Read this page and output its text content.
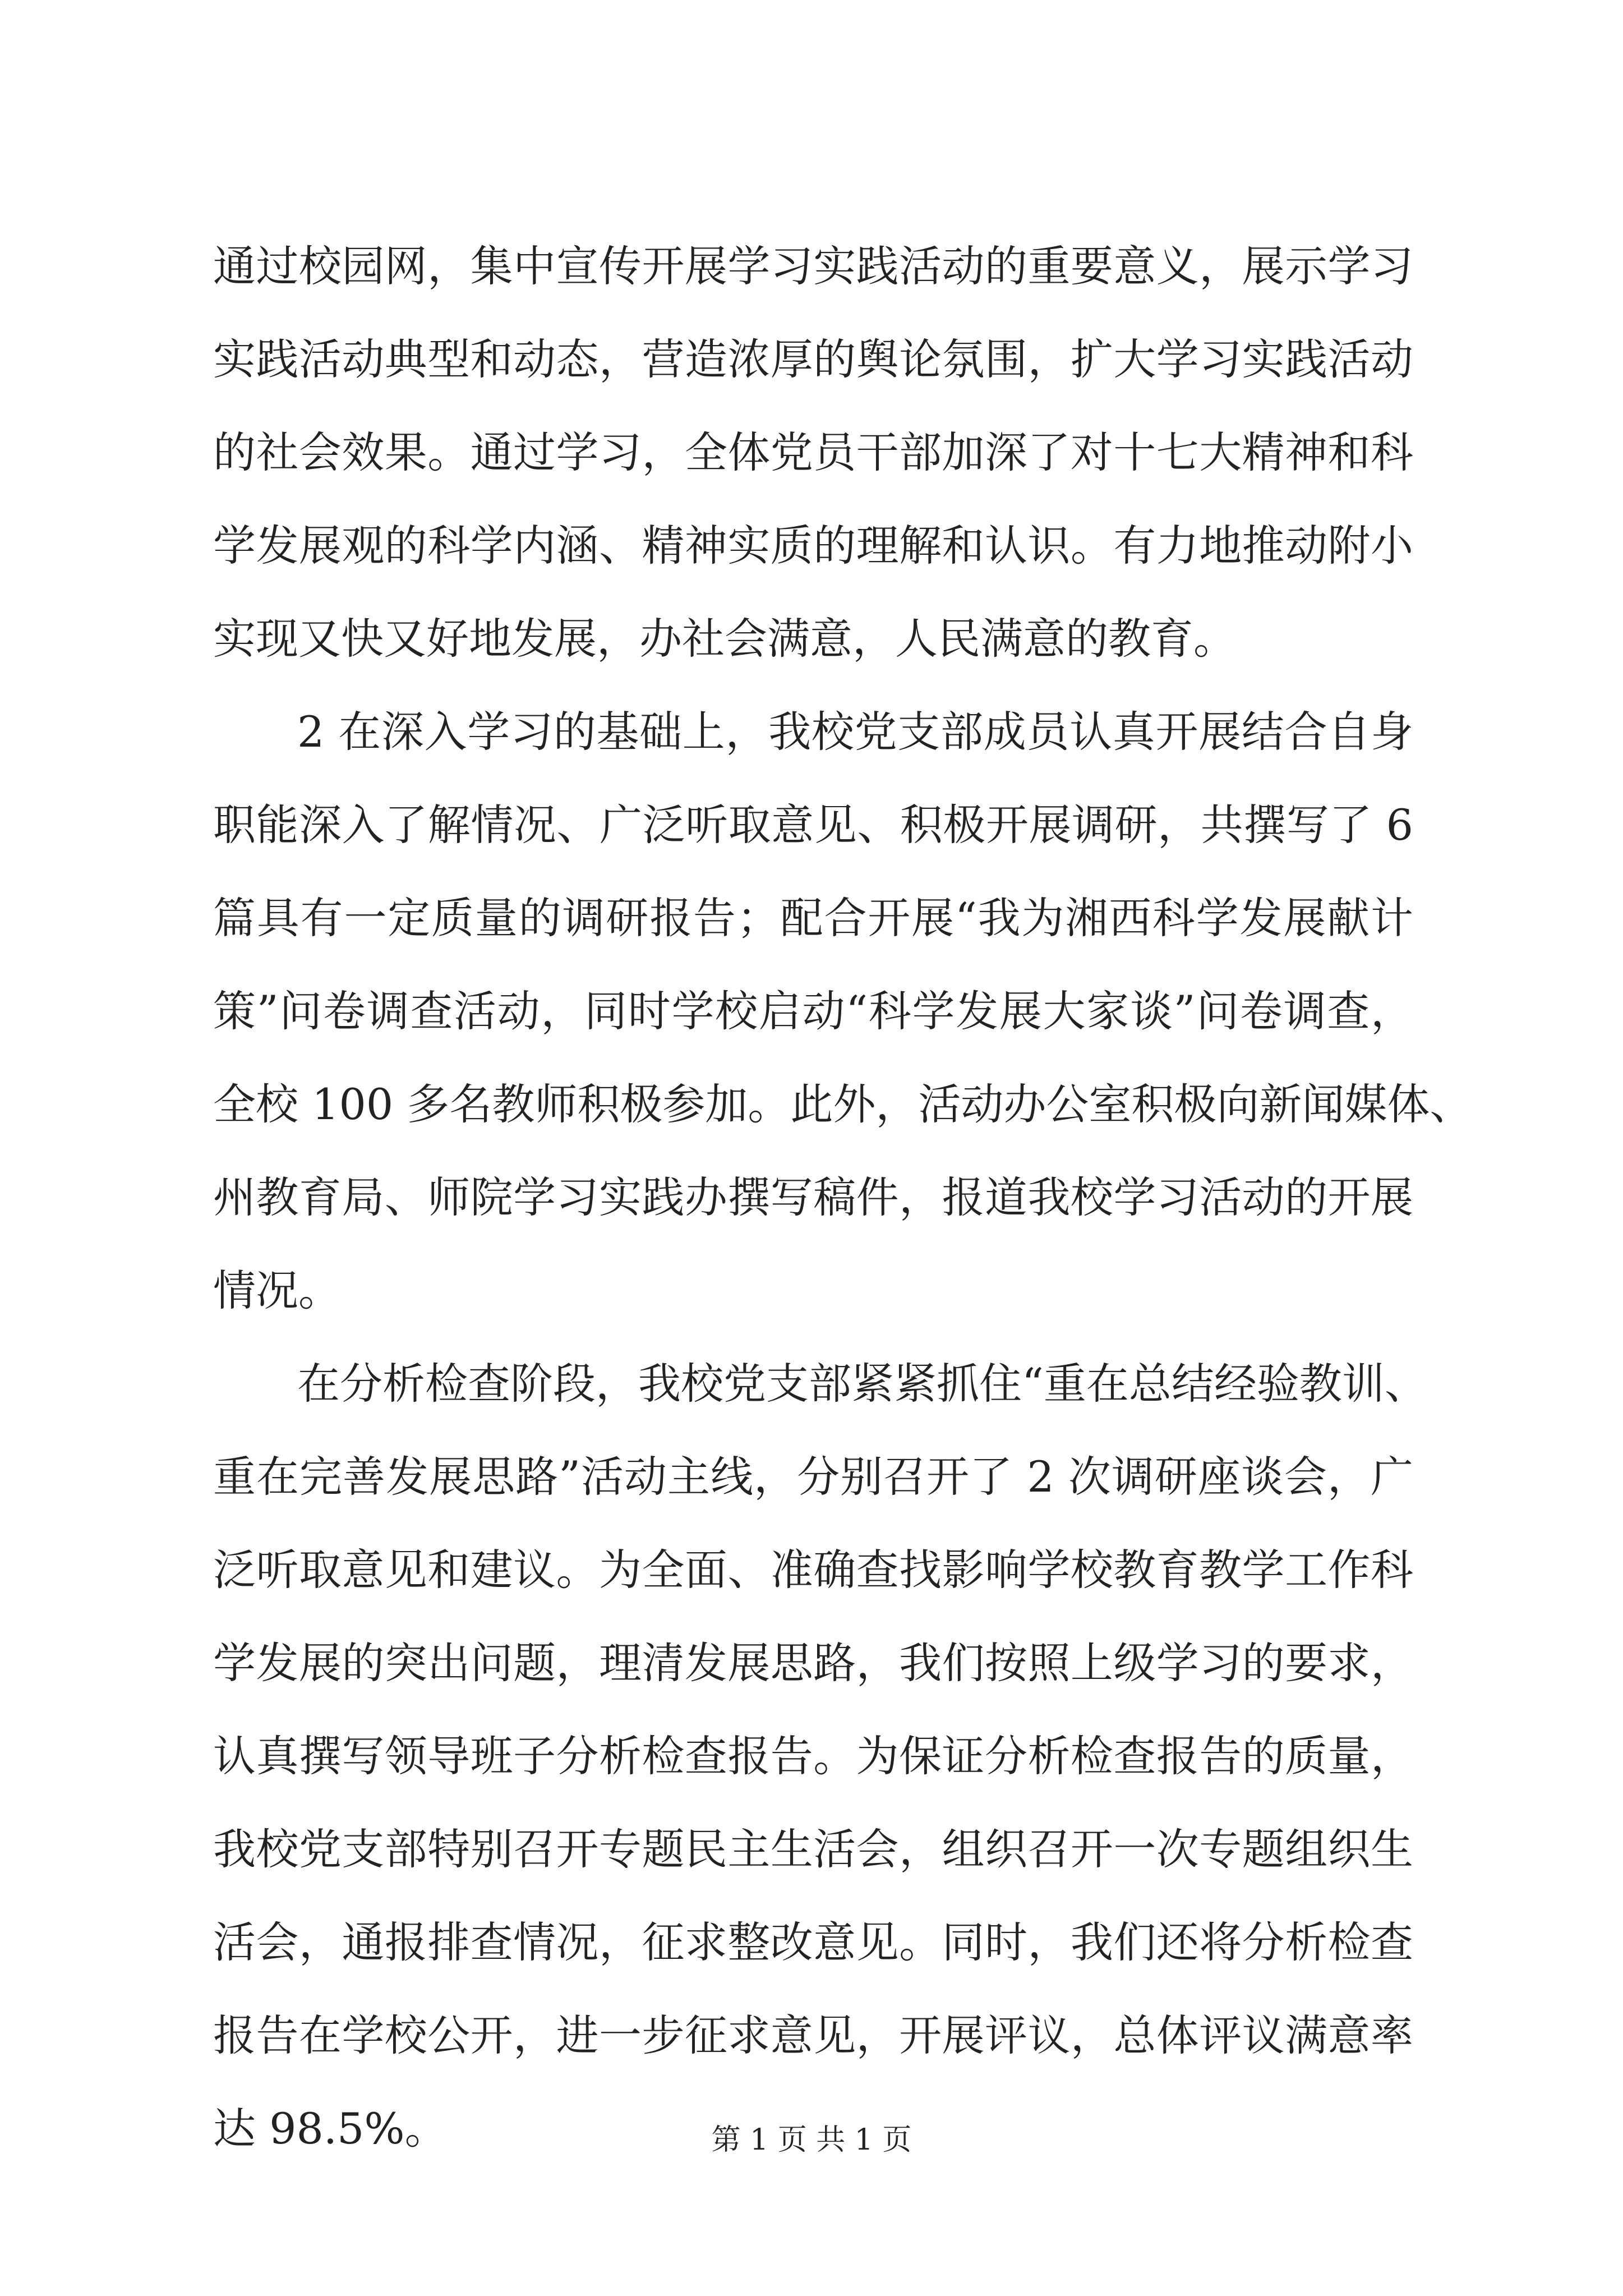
通过校园网，集中宣传开展学习实践活动的重要意义，展示学习
实践活动典型和动态，营造浓厚的舆论氛围，扩大学习实践活动
的社会效果。通过学习，全体党员干部加深了对十七大精神和科
学发展观的科学内涵、精神实质的理解和认识。有力地推动附小
实现又快又好地发展，办社会满意，人民满意的教育。
2 在深入学习的基础上，我校党支部成员认真开展结合自身
职能深入了解情况、广泛听取意见、积极开展调研，共撰写了 6
篇具有一定质量的调研报告；配合开展“我为湘西科学发展献计
策”问卷调查活动，同时学校启动“科学发展大家谈”问卷调查，
全校 100 多名教师积极参加。此外，活动办公室积极向新闻媒体、
州教育局、师院学习实践办撰写稿件，报道我校学习活动的开展
情况。
在分析检查阶段，我校党支部紧紧抓住“重在总结经验教训、
重在完善发展思路”活动主线，分别召开了 2 次调研座谈会，广
泛听取意见和建议。为全面、准确查找影响学校教育教学工作科
学发展的突出问题，理清发展思路，我们按照上级学习的要求，
认真撰写领导班子分析检查报告。为保证分析检查报告的质量，
我校党支部特别召开专题民主生活会，组织召开一次专题组织生
活会，通报排查情况，征求整改意见。同时，我们还将分析检查
报告在学校公开，进一步征求意见，开展评议，总体评议满意率
达 98.5%。	第 1 页 共 1 页
